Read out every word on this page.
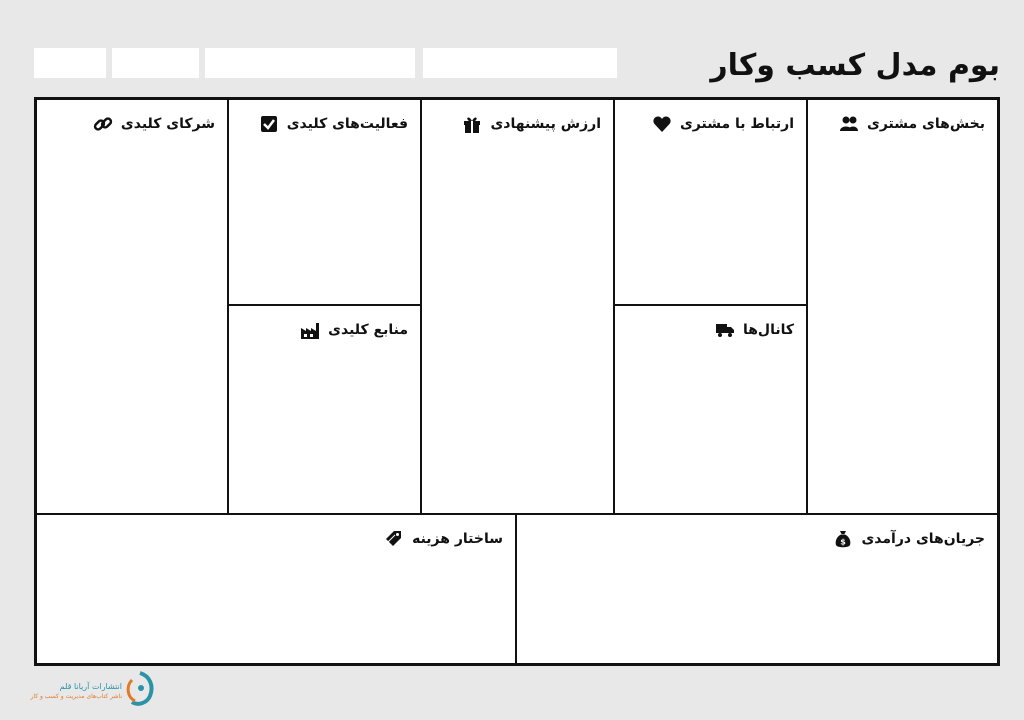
بوم مدل کسب وکار
بخش‌های مشتری
ارتباط با مشتری
کانال‌ها
ارزش پیشنهادی
فعالیت‌های کلیدی
منابع کلیدی
شرکای کلیدی
$ جریان‌های درآمدی
ساختار هزینه
انتشارات آریانا قلم
ناشر کتاب‌های مدیریت و کسب و کار
